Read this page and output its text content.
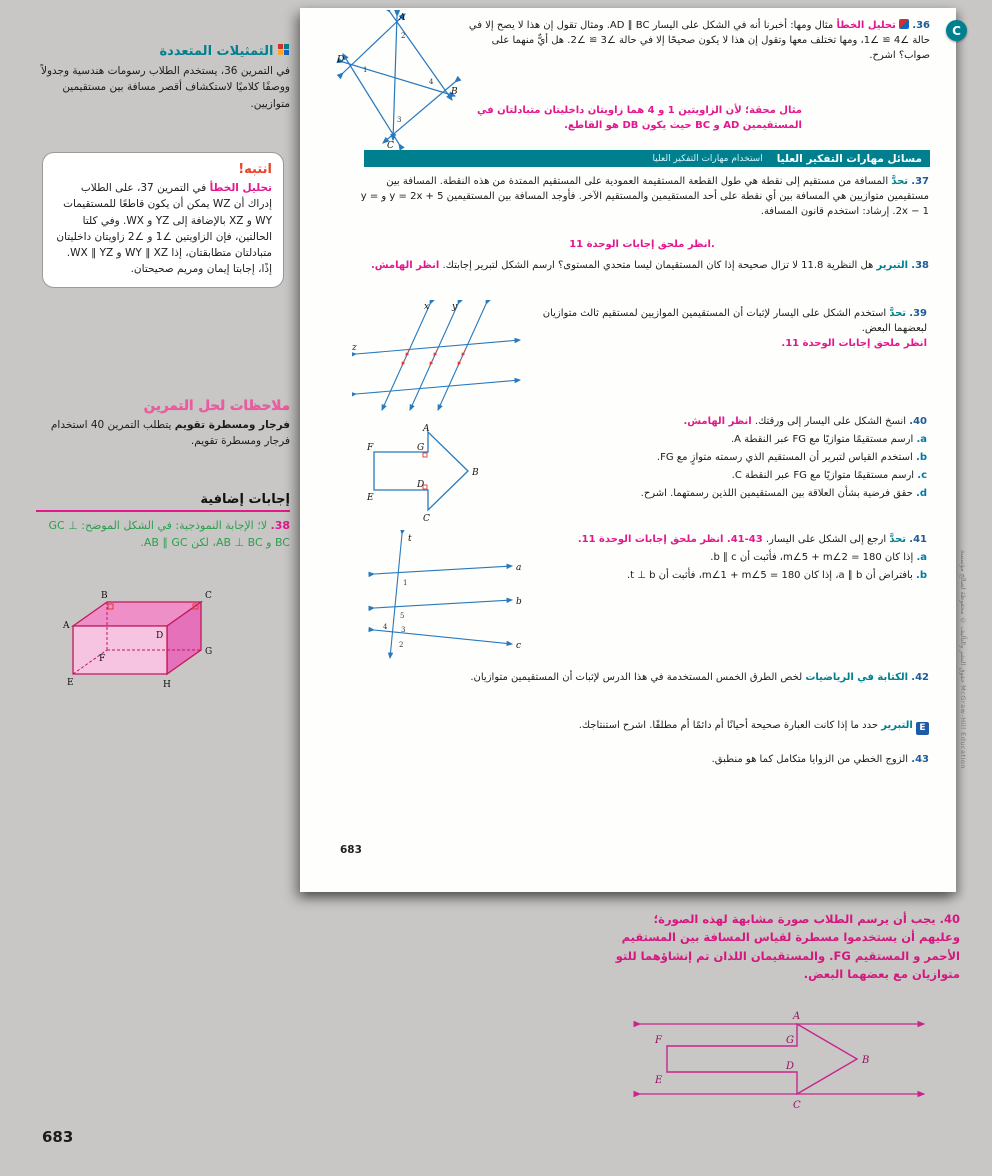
التمثيلات المتعددة
في التمرين 36، يستخدم الطلاب رسومات هندسية وجدولاً ووصفًا كلاميًا لاستكشاف أقصر مسافة بين مستقيمين متوازيين.
انتبه!
تحليل الخطأ في التمرين 37، على الطلاب إدراك أن WZ يمكن أن يكون قاطعًا للمستقيمات WY و XZ بالإضافة إلى YZ و WX. وفي كلتا الحالتين، فإن الزاويتين ∠1 و ∠2 زاويتان داخليتان متبادلتان متطابقتان، إذا WY ∥ XZ و WX ∥ YZ. إذًا، إجابتا إيمان ومريم صحيحتان.
ملاحظات لحل التمرين
فرجار ومسطرة تقويم يتطلب التمرين 40 استخدام فرجار ومسطرة تقويم.
إجابات إضافية
38. لا؛ الإجابة النموذجية: في الشكل الموضح: GC ⊥ BC و AB ⊥ BC، لكن AB ∥ GC.
A
B	C
D
G
F
E	H
36.  تحليل الخطأ مثال ومها: أخبرنا أنه في الشكل على اليسار AD ∥ BC. ومثال تقول إن هذا لا يصح إلا في حالة ∠4 ≅ ∠1، ومها تختلف معها وتقول إن هذا لا يكون صحيحًا إلا في حالة ∠3 ≅ ∠2. هل أيٌّ منهما على صواب؟ اشرح.
مثال محقة؛ لأن الزاويتين 1 و 4 هما زاويتان داخليتان متبادلتان في المستقيمين AD و BC حيث يكون DB هو القاطع.
A
B
C
D
1
2
3
4
مسائل مهارات التفكير العليا
استخدام مهارات التفكير العليا
37. تحدَّ المسافة من مستقيم إلى نقطة هي طول القطعة المستقيمة العمودية على المستقيم الممتدة من هذه النقطة. المسافة بين مستقيمين متوازيين هي المسافة بين أي نقطة على أحد المستقيمين والمستقيم الآخر. فأوجد المسافة بين المستقيمين y = 2x + 5 و y = 2x − 1. إرشاد: استخدم قانون المسافة.
انظر ملحق إجابات الوحدة 11.
38. التبرير هل النظرية 11.8 لا تزال صحيحة إذا كان المستقيمان ليسا متحدي المستوى؟ ارسم الشكل لتبرير إجابتك. انظر الهامش.
x	y
z
39. تحدَّ استخدم الشكل على اليسار لإثبات أن المستقيمين الموازيين لمستقيم ثالث متوازيان لبعضهما البعض.
انظر ملحق إجابات الوحدة 11.
40. انسخ الشكل على اليسار إلى ورقتك. انظر الهامش.
a. ارسم مستقيمًا متوازيًا مع FG عبر النقطة A.
b. استخدم القياس لتبرير أن المستقيم الذي رسمته متوازٍ مع FG.
c. ارسم مستقيمًا متوازيًا مع FG عبر النقطة C.
d. حقق فرضية بشأن العلاقة بين المستقيمين اللذين رسمتهما. اشرح.
A
B
C
D
E
F	G
41. تحدَّ ارجع إلى الشكل على اليسار. 43-41. انظر ملحق إجابات الوحدة 11.
a. إذا كان m∠5 + m∠2 = 180، فأثبت أن b ∥ c.
b. بافتراض أن a ∥ b، إذا كان m∠1 + m∠5 = 180، فأثبت أن t ⊥ b.
t
a
b
c
1
5
4 3
2
42. الكتابة في الرياضيات لخص الطرق الخمس المستخدمة في هذا الدرس لإثبات أن المستقيمين متوازيان.
E التبرير حدد ما إذا كانت العبارة صحيحة أحيانًا أم دائمًا أم مطلقًا. اشرح استنتاجك.
43. الزوج الخطي من الزوايا متكامل كما هو منطبق.
683
C
حقوق النشر والتأليف © محفوظة لصالح مؤسسة McGraw-Hill Education
40. يجب أن يرسم الطلاب صورة مشابهة لهذه الصورة؛ وعليهم أن يستخدموا مسطرة لقياس المسافة بين المستقيم الأحمر و المستقيم FG. والمستقيمان اللذان تم إنشاؤهما للتو متوازيان مع بعضهما البعض.
A
B
C
D
E
F	G
683
